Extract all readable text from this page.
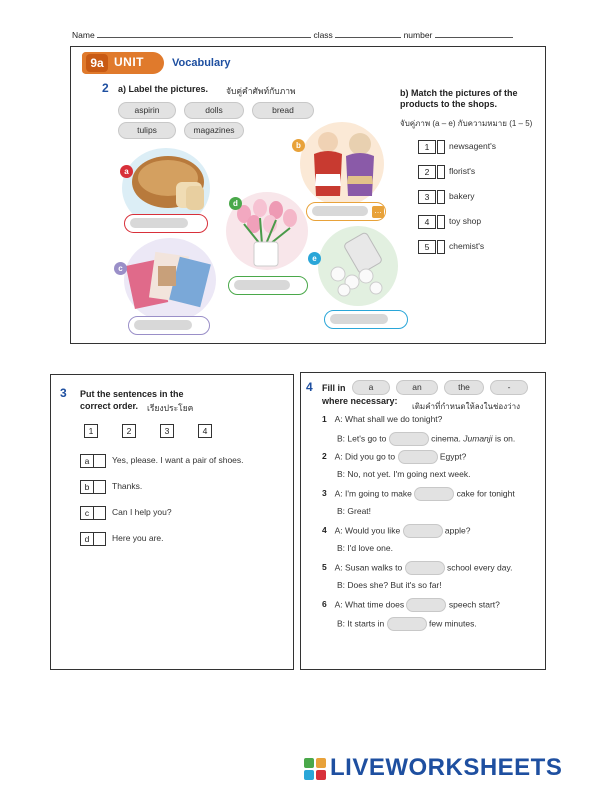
Name	class	number
9a UNIT	Vocabulary
2 a) Label the pictures. จับคู่คำศัพท์กับภาพ
aspirin	dolls	bread
tulips	magazines
a
b
…
c
d
e
b) Match the pictures of the products to the shops.
จับคู่ภาพ (a – e) กับความหมาย (1 – 5)
1	newsagent's
2	florist's
3	bakery
4	toy shop
5	chemist's
3 Put the sentences in the
correct order. เรียงประโยค
1	2	3	4
a	Yes, please. I want a pair of shoes.
b	Thanks.
c	Can I help you?
d	Here you are.
4 Fill in	a	an	the	-
where necessary:
เติมคำที่กำหนดให้ลงในช่องว่าง
1 A: What shall we do tonight?
B: Let's go to	cinema. Jumanji is on.
2 A: Did you go to	Egypt?
B: No, not yet. I'm going next week.
3 A: I'm going to make	cake for tonight
B: Great!
4 A: Would you like	apple?
B: I'd love one.
5 A: Susan walks to	school every day.
B: Does she? But it's so far!
6 A: What time does	speech start?
B: It starts in	few minutes.
LIVEWORKSHEETS
